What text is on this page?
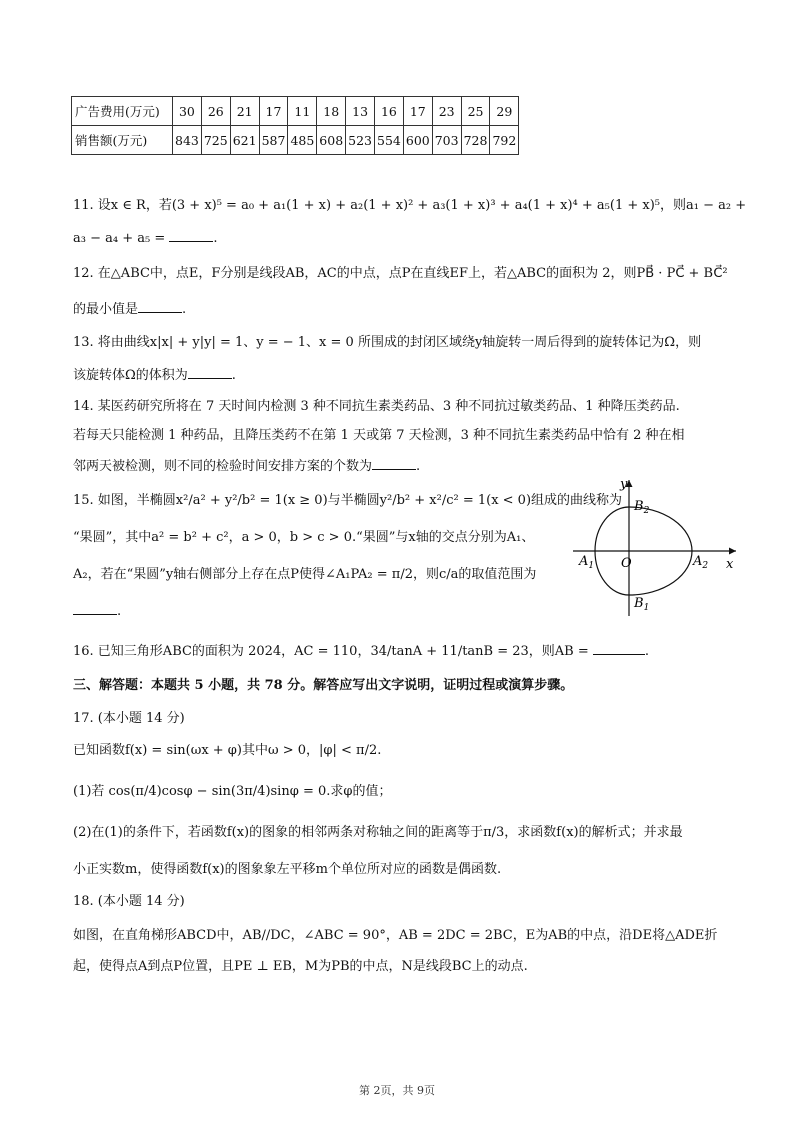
广告费用(万元)	30	26	21	17	11	18	13	16	17	23	25	29
销售额(万元)	843	725	621	587	485	608	523	554	600	703	728	792
11. 设x ∈ R，若(3 + x)⁵ = a₀ + a₁(1 + x) + a₂(1 + x)² + a₃(1 + x)³ + a₄(1 + x)⁴ + a₅(1 + x)⁵，则a₁ − a₂ +
a₃ − a₄ + a₅ =	.
12. 在△ABC中，点E，F分别是线段AB，AC的中点，点P在直线EF上，若△ABC的面积为 2，则PB⃗ · PC⃗ + BC⃗²
的最小值是	.
13. 将由曲线x|x| + y|y| = 1、y = − 1、x = 0 所围成的封闭区域绕y轴旋转一周后得到的旋转体记为Ω，则
该旋转体Ω的体积为	.
14. 某医药研究所将在 7 天时间内检测 3 种不同抗生素类药品、3 种不同抗过敏类药品、1 种降压类药品.
若每天只能检测 1 种药品，且降压类药不在第 1 天或第 7 天检测，3 种不同抗生素类药品中恰有 2 种在相
邻两天被检测，则不同的检验时间安排方案的个数为	.
15. 如图，半椭圆x²/a² + y²/b² = 1(x ≥ 0)与半椭圆y²/b² + x²/c² = 1(x < 0)组成的曲线称为
“果圆”，其中a² = b² + c²，a > 0，b > c > 0.“果圆”与x轴的交点分别为A₁、
A₂，若在“果圆”y轴右侧部分上存在点P使得∠A₁PA₂ = π/2，则c/a的取值范围为
.
y
x
O
$B_2$
$B_1$
$A_1$	$A_2$
16. 已知三角形ABC的面积为 2024，AC = 110，34/tanA + 11/tanB = 23，则AB =	.
三、解答题：本题共 5 小题，共 78 分。解答应写出文字说明，证明过程或演算步骤。
17. (本小题 14 分)
已知函数f(x) = sin(ωx + φ)其中ω > 0，|φ| < π/2.
(1)若 cos(π/4)cosφ − sin(3π/4)sinφ = 0.求φ的值；
(2)在(1)的条件下，若函数f(x)的图象的相邻两条对称轴之间的距离等于π/3，求函数f(x)的解析式；并求最
小正实数m，使得函数f(x)的图象象左平移m个单位所对应的函数是偶函数.
18. (本小题 14 分)
如图，在直角梯形ABCD中，AB//DC，∠ABC = 90°，AB = 2DC = 2BC，E为AB的中点，沿DE将△ADE折
起，使得点A到点P位置，且PE ⊥ EB，M为PB的中点，N是线段BC上的动点.
第 2页，共 9页
